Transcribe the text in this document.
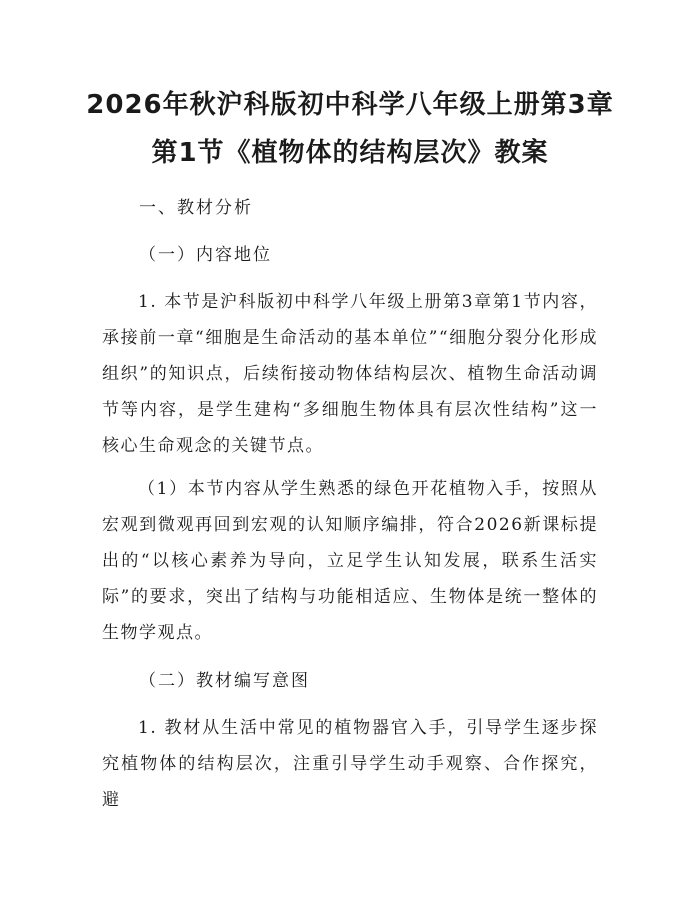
2026年秋沪科版初中科学八年级上册第3章
第1节《植物体的结构层次》教案
一、教材分析
（一）内容地位
1. 本节是沪科版初中科学八年级上册第3章第1节内容，承接前一章“细胞是生命活动的基本单位”“细胞分裂分化形成组织”的知识点，后续衔接动物体结构层次、植物生命活动调节等内容，是学生建构“多细胞生物体具有层次性结构”这一核心生命观念的关键节点。
（1）本节内容从学生熟悉的绿色开花植物入手，按照从宏观到微观再回到宏观的认知顺序编排，符合2026新课标提出的“以核心素养为导向，立足学生认知发展，联系生活实际”的要求，突出了结构与功能相适应、生物体是统一整体的生物学观点。
（二）教材编写意图
1. 教材从生活中常见的植物器官入手，引导学生逐步探究植物体的结构层次，注重引导学生动手观察、合作探究，避
